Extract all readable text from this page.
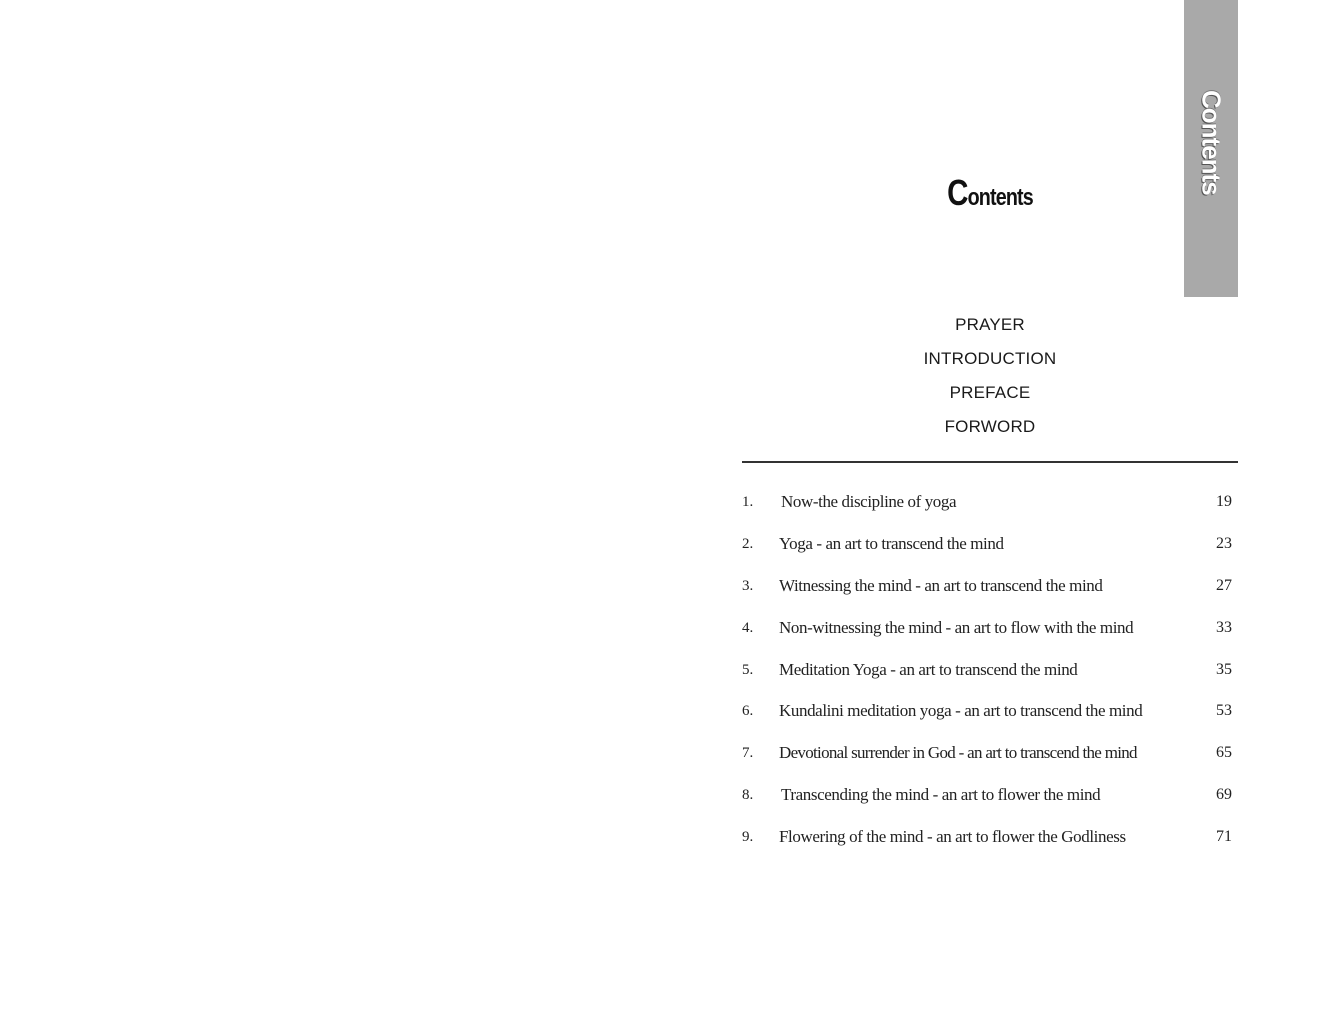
Contents
Contents
PRAYER
INTRODUCTION
PREFACE
FORWORD
1.	Now-the discipline of yoga	19
2.	Yoga - an art to transcend the mind	23
3.	Witnessing the mind - an art to transcend the mind	27
4.	Non-witnessing the mind - an art to flow with the mind	33
5.	Meditation Yoga - an art to transcend the mind	35
6.	Kundalini meditation yoga - an art to transcend the mind	53
7.	Devotional surrender in God - an art to transcend the mind	65
8.	Transcending the mind - an art to flower the mind	69
9.	Flowering of the mind - an art to flower the Godliness	71
